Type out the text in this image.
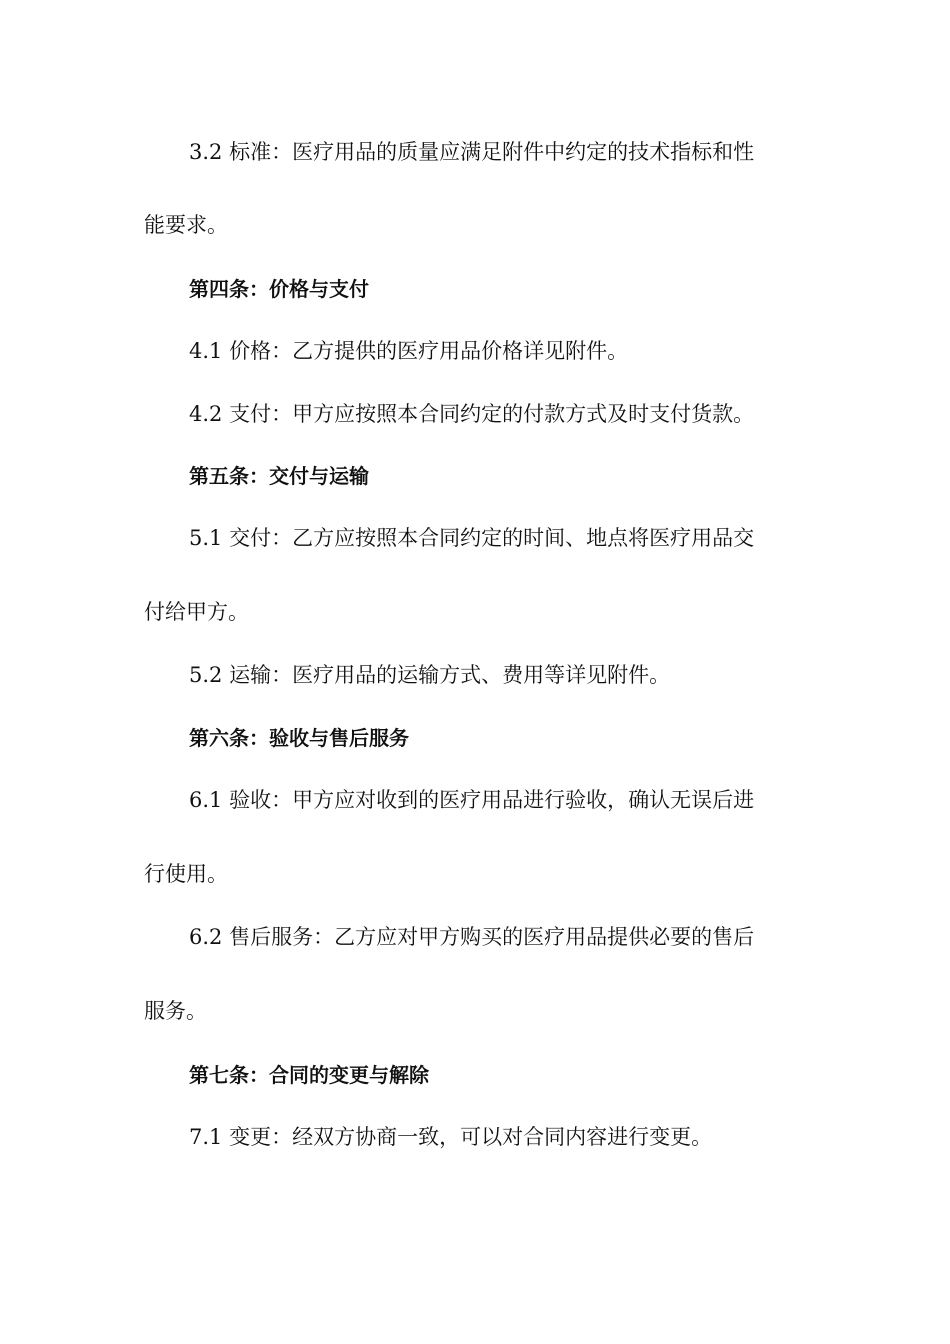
3.2 标准：医疗用品的质量应满足附件中约定的技术指标和性
能要求。
第四条：价格与支付
4.1 价格：乙方提供的医疗用品价格详见附件。
4.2 支付：甲方应按照本合同约定的付款方式及时支付货款。
第五条：交付与运输
5.1 交付：乙方应按照本合同约定的时间、地点将医疗用品交
付给甲方。
5.2 运输：医疗用品的运输方式、费用等详见附件。
第六条：验收与售后服务
6.1 验收：甲方应对收到的医疗用品进行验收，确认无误后进
行使用。
6.2 售后服务：乙方应对甲方购买的医疗用品提供必要的售后
服务。
第七条：合同的变更与解除
7.1 变更：经双方协商一致，可以对合同内容进行变更。
